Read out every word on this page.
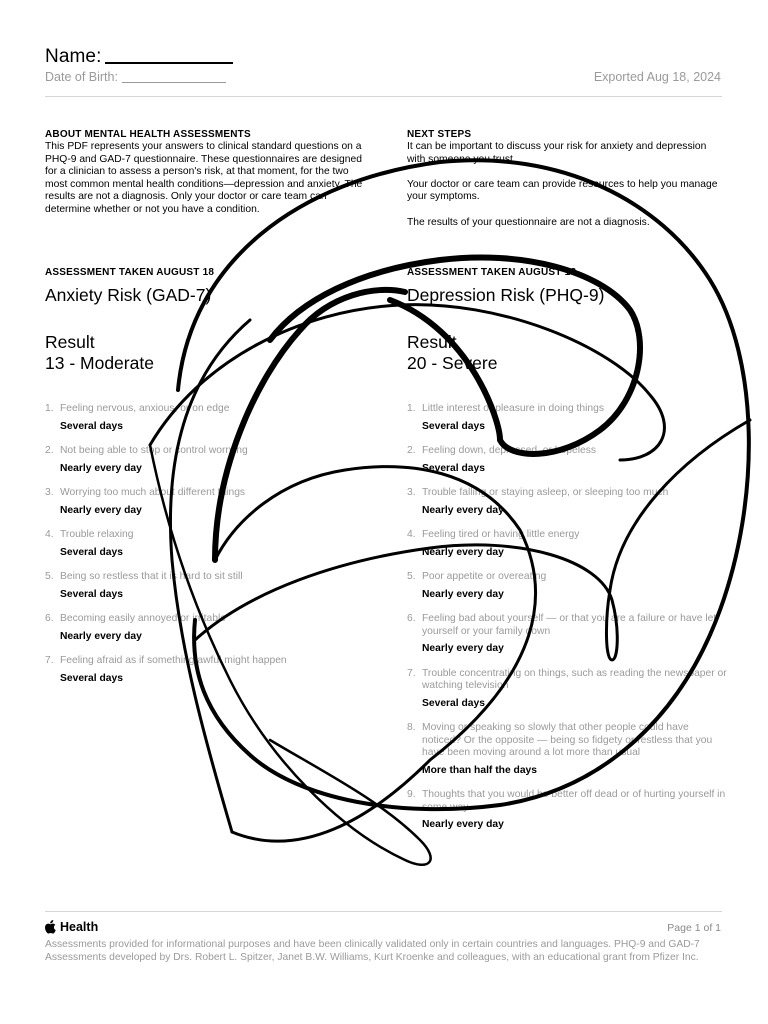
Name:
Date of Birth:	Exported Aug 18, 2024
ABOUT MENTAL HEALTH ASSESSMENTS
This PDF represents your answers to clinical standard questions on a PHQ-9 and GAD-7 questionnaire. These questionnaires are designed for a clinician to assess a person's risk, at that moment, for the two most common mental health conditions—depression and anxiety. The results are not a diagnosis. Only your doctor or care team can determine whether or not you have a condition.
NEXT STEPS

It can be important to discuss your risk for anxiety and depression with someone you trust.

Your doctor or care team can provide resources to help you manage your symptoms.

The results of your questionnaire are not a diagnosis.

ASSESSMENT TAKEN AUGUST 18
Anxiety Risk (GAD-7)
Result
13 - Moderate
1. Feeling nervous, anxious, or on edge
Several days
2. Not being able to stop or control worrying
Nearly every day
3. Worrying too much about different things
Nearly every day
4. Trouble relaxing
Several days
5. Being so restless that it is hard to sit still
Several days
6. Becoming easily annoyed or irritable
Nearly every day
7. Feeling afraid as if something awful might happen
Several days
ASSESSMENT TAKEN AUGUST 18
Depression Risk (PHQ-9)
Result
20 - Severe
1. Little interest or pleasure in doing things
Several days
2. Feeling down, depressed, or hopeless
Several days
3. Trouble falling or staying asleep, or sleeping too much
Nearly every day
4. Feeling tired or having little energy
Nearly every day
5. Poor appetite or overeating
Nearly every day
6. Feeling bad about yourself — or that you are a failure or have let yourself or your family down
Nearly every day
7. Trouble concentrating on things, such as reading the newspaper or watching television
Several days
8. Moving or speaking so slowly that other people could have noticed? Or the opposite — being so fidgety or restless that you have been moving around a lot more than usual
More than half the days
9. Thoughts that you would be better off dead or of hurting yourself in some way
Nearly every day
Health	Page 1 of 1
Assessments provided for informational purposes and have been clinically validated only in certain countries and languages. PHQ-9 and GAD-7 Assessments developed by Drs. Robert L. Spitzer, Janet B.W. Williams, Kurt Kroenke and colleagues, with an educational grant from Pfizer Inc.
